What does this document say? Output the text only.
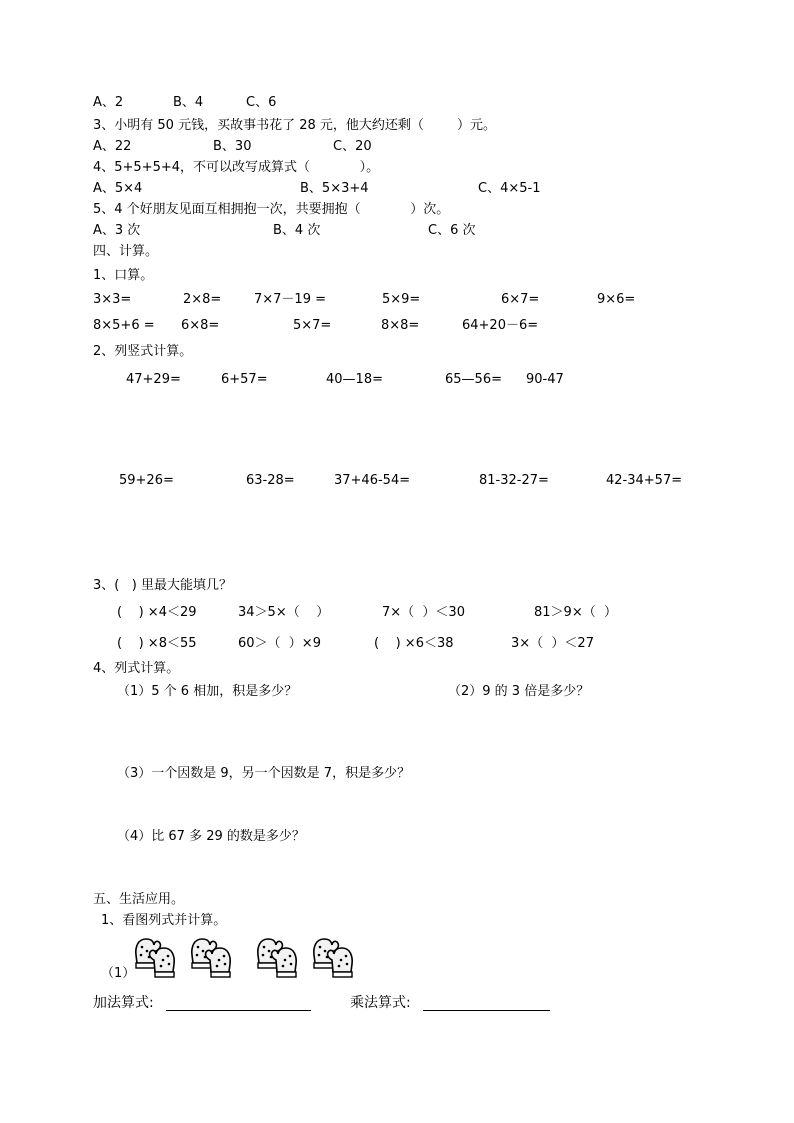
A、2	B、4	C、6
3、小明有 50 元钱，买故事书花了 28 元，他大约还剩（        ）元。
A、22	B、30	C、20
4、5+5+5+4，不可以改写成算式（            ）。
A、5×4	B、5×3+4	C、4×5-1
5、4 个好朋友见面互相拥抱一次，共要拥抱（            ）次。
A、3 次	B、4 次	C、6 次
四、计算。
1、口算。
3×3=	2×8=	7×7－19 =	5×9=	6×7=	9×6=
8×5+6 = 6×8=	5×7=	8×8=	64+20－6=
2、列竖式计算。
47+29=	6+57=	40—18=	65—56= 90-47
59+26=	63-28=	37+46-54=	81-32-27=	42-34+57=
3、(   ) 里最大能填几？
(    ) ×4＜29	34＞5×（    ）	7×（  ）＜30	81＞9×（  ）
(    ) ×8＜55	60＞（  ）×9	(    ) ×6＜38	3×（  ）＜27
4、列式计算。
（1）5 个 6 相加，积是多少？	（2）9 的 3 倍是多少？
（3）一个因数是 9，另一个因数是 7，积是多少？
（4）比 67 多 29 的数是多少？
五、生活应用。
1、看图列式并计算。
（1）
加法算式:	乘法算式:
